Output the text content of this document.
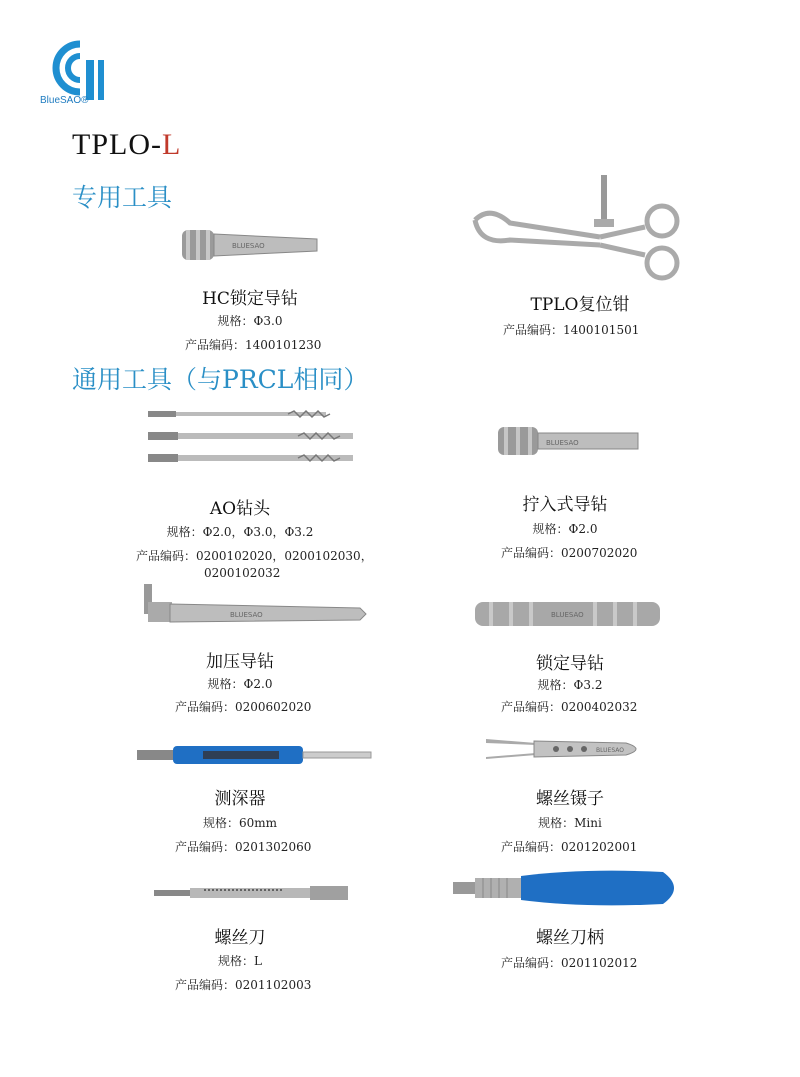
BlueSAO®
TPLO-L
专用工具
BLUESAO
HC锁定导钻
规格：Φ3.0
产品编码：1400101230
TPLO复位钳
产品编码：1400101501
通用工具（与PRCL相同）
AO钻头
规格：Φ2.0，Φ3.0，Φ3.2
产品编码：0200102020，0200102030，
0200102032
BLUESAO
拧入式导钻
规格：Φ2.0
产品编码：0200702020
BLUESAO
加压导钻
规格：Φ2.0
产品编码：0200602020
BLUESAO
锁定导钻
规格：Φ3.2
产品编码：0200402032
测深器
规格：60mm
产品编码：0201302060
BLUESAO
螺丝镊子
规格：Mini
产品编码：0201202001
螺丝刀
规格：L
产品编码：0201102003
螺丝刀柄
产品编码：0201102012
